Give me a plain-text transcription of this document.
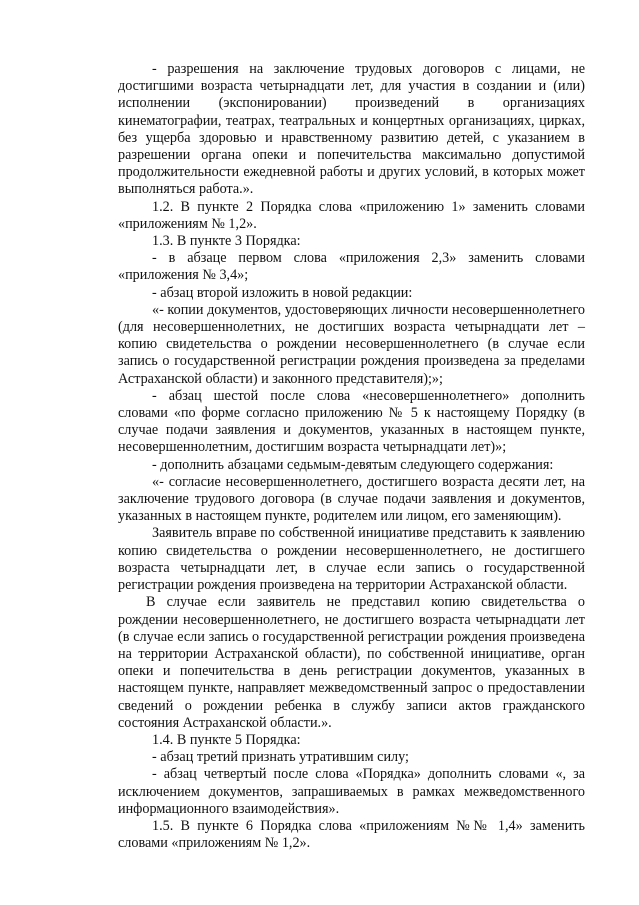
- разрешения на заключение трудовых договоров с лицами, не достигшими возраста четырнадцати лет, для участия в создании и (или) исполнении (экспонировании) произведений в организациях кинематографии, театрах, театральных и концертных организациях, цирках, без ущерба здоровью и нравственному развитию детей, с указанием в разрешении органа опеки и попечительства максимально допустимой продолжительности ежедневной работы и других условий, в которых может выполняться работа.».

1.2. В пункте 2 Порядка слова «приложению 1» заменить словами «приложениям № 1,2».

1.3. В пункте 3 Порядка:

- в абзаце первом слова «приложения 2,3» заменить словами «приложения № 3,4»;

- абзац второй изложить в новой редакции:

«- копии документов, удостоверяющих личности несовершеннолетнего (для несовершеннолетних, не достигших возраста четырнадцати лет – копию свидетельства о рождении несовершеннолетнего (в случае если запись о государственной регистрации рождения произведена за пределами Астраханской области) и законного представителя);»;

- абзац шестой после слова «несовершеннолетнего» дополнить словами «по форме согласно приложению № 5 к настоящему Порядку (в случае подачи заявления и документов, указанных в настоящем пункте, несовершеннолетним, достигшим возраста четырнадцати лет)»;

- дополнить абзацами седьмым-девятым следующего содержания:

«- согласие несовершеннолетнего, достигшего возраста десяти лет, на заключение трудового договора (в случае подачи заявления и документов, указанных в настоящем пункте, родителем или лицом, его заменяющим).

Заявитель вправе по собственной инициативе представить к заявлению копию свидетельства о рождении несовершеннолетнего, не достигшего возраста четырнадцати лет, в случае если запись о государственной регистрации рождения произведена на территории Астраханской области.

В случае если заявитель не представил копию свидетельства о рождении несовершеннолетнего, не достигшего возраста четырнадцати лет (в случае если запись о государственной регистрации рождения произведена на территории Астраханской области), по собственной инициативе, орган опеки и попечительства в день регистрации документов, указанных в настоящем пункте, направляет межведомственный запрос о предоставлении сведений о рождении ребенка в службу записи актов гражданского состояния Астраханской области.».

1.4. В пункте 5 Порядка:

- абзац третий признать утратившим силу;

- абзац четвертый после слова «Порядка» дополнить словами «, за исключением документов, запрашиваемых в рамках межведомственного информационного взаимодействия».

1.5. В пункте 6 Порядка слова «приложениям №№ 1,4» заменить словами «приложениям № 1,2».
